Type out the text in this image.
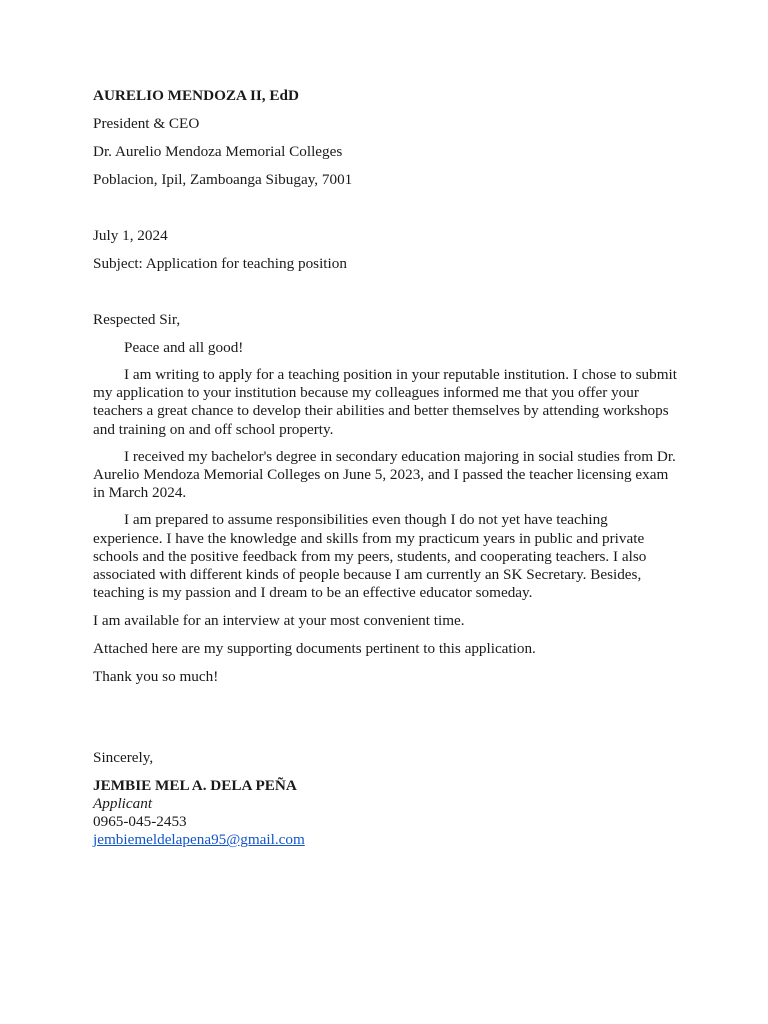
AURELIO MENDOZA II, EdD

President & CEO

Dr. Aurelio Mendoza Memorial Colleges

Poblacion, Ipil, Zamboanga Sibugay, 7001

July 1, 2024

Subject: Application for teaching position

Respected Sir,

Peace and all good!

I am writing to apply for a teaching position in your reputable institution. I chose to submit my application to your institution because my colleagues informed me that you offer your teachers a great chance to develop their abilities and better themselves by attending workshops and training on and off school property.

I received my bachelor's degree in secondary education majoring in social studies from Dr. Aurelio Mendoza Memorial Colleges on June 5, 2023, and I passed the teacher licensing exam in March 2024.

I am prepared to assume responsibilities even though I do not yet have teaching experience. I have the knowledge and skills from my practicum years in public and private schools and the positive feedback from my peers, students, and cooperating teachers. I also associated with different kinds of people because I am currently an SK Secretary. Besides, teaching is my passion and I dream to be an effective educator someday.

I am available for an interview at your most convenient time.

Attached here are my supporting documents pertinent to this application.

Thank you so much!

Sincerely,

JEMBIE MEL A. DELA PEÑA

Applicant

0965-045-2453

jembiemeldelapena95@gmail.com
